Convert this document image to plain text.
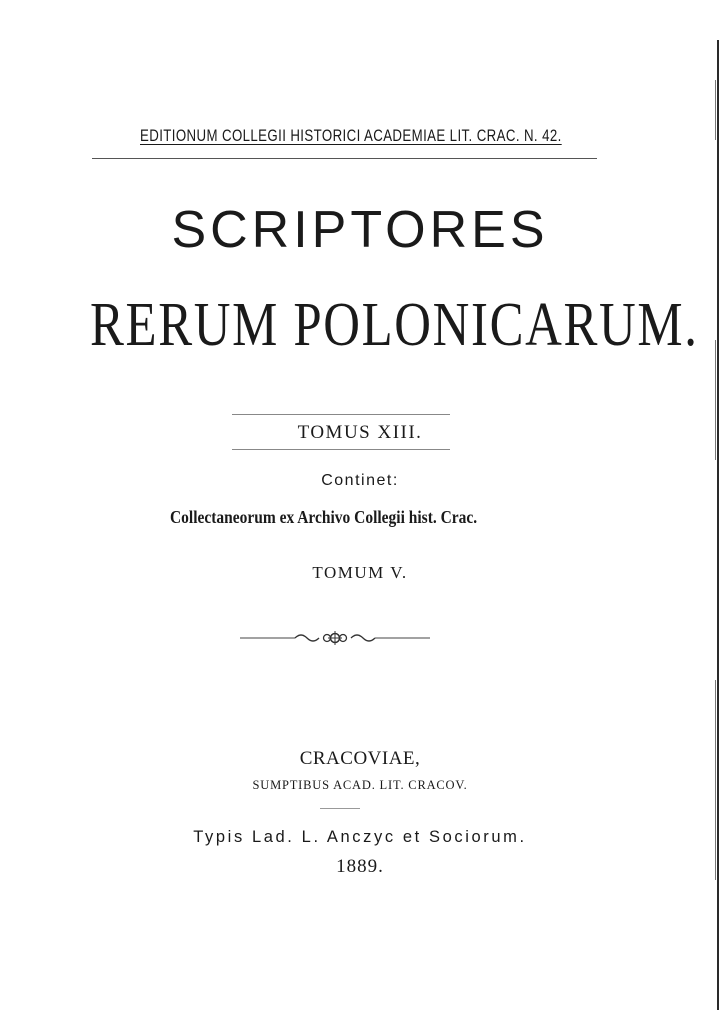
EDITIONUM COLLEGII HISTORICI ACADEMIAE LIT. CRAC. N. 42.
SCRIPTORES
RERUM POLONICARUM.
TOMUS XIII.
Continet:
Collectaneorum ex Archivo Collegii hist. Crac.
TOMUM V.
CRACOVIAE,
SUMPTIBUS ACAD. LIT. CRACOV.
Typis Lad. L. Anczyc et Sociorum.
1889.
